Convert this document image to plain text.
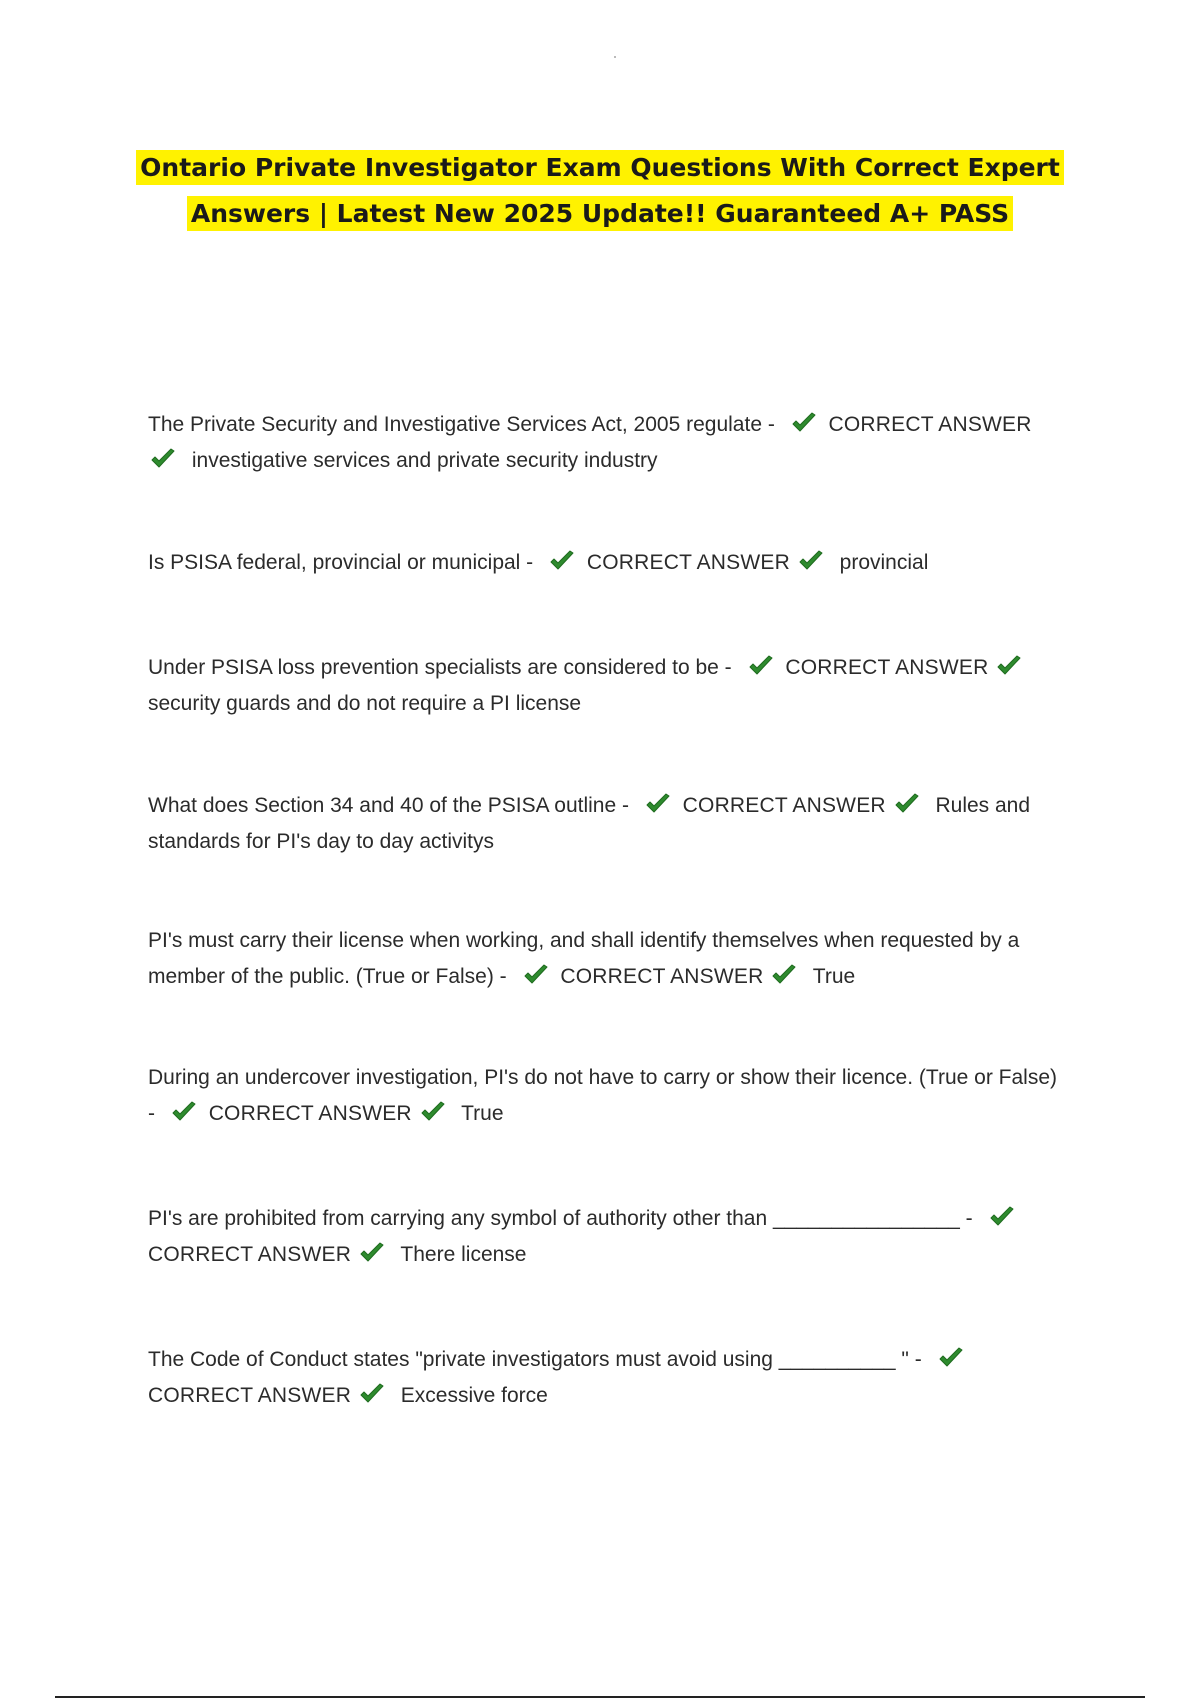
Ontario Private Investigator Exam Questions With Correct Expert
Answers | Latest New 2025 Update!! Guaranteed A+ PASS
The Private Security and Investigative Services Act, 2005 regulate -	CORRECT ANSWER
investigative services and private security industry
Is PSISA federal, provincial or municipal -	CORRECT ANSWER provincial
Under PSISA loss prevention specialists are considered to be -	CORRECT ANSWER
security guards and do not require a PI license
What does Section 34 and 40 of the PSISA outline -	CORRECT ANSWER Rules and standards for PI's day to day activitys
PI's must carry their license when working, and shall identify themselves when requested by a member of the public. (True or False) -	CORRECT ANSWER True
During an undercover investigation, PI's do not have to carry or show their licence. (True or False) -	CORRECT ANSWER True
PI's are prohibited from carrying any symbol of authority other than ________________ -
CORRECT ANSWER There license
The Code of Conduct states "private investigators must avoid using __________ " -
CORRECT ANSWER Excessive force
